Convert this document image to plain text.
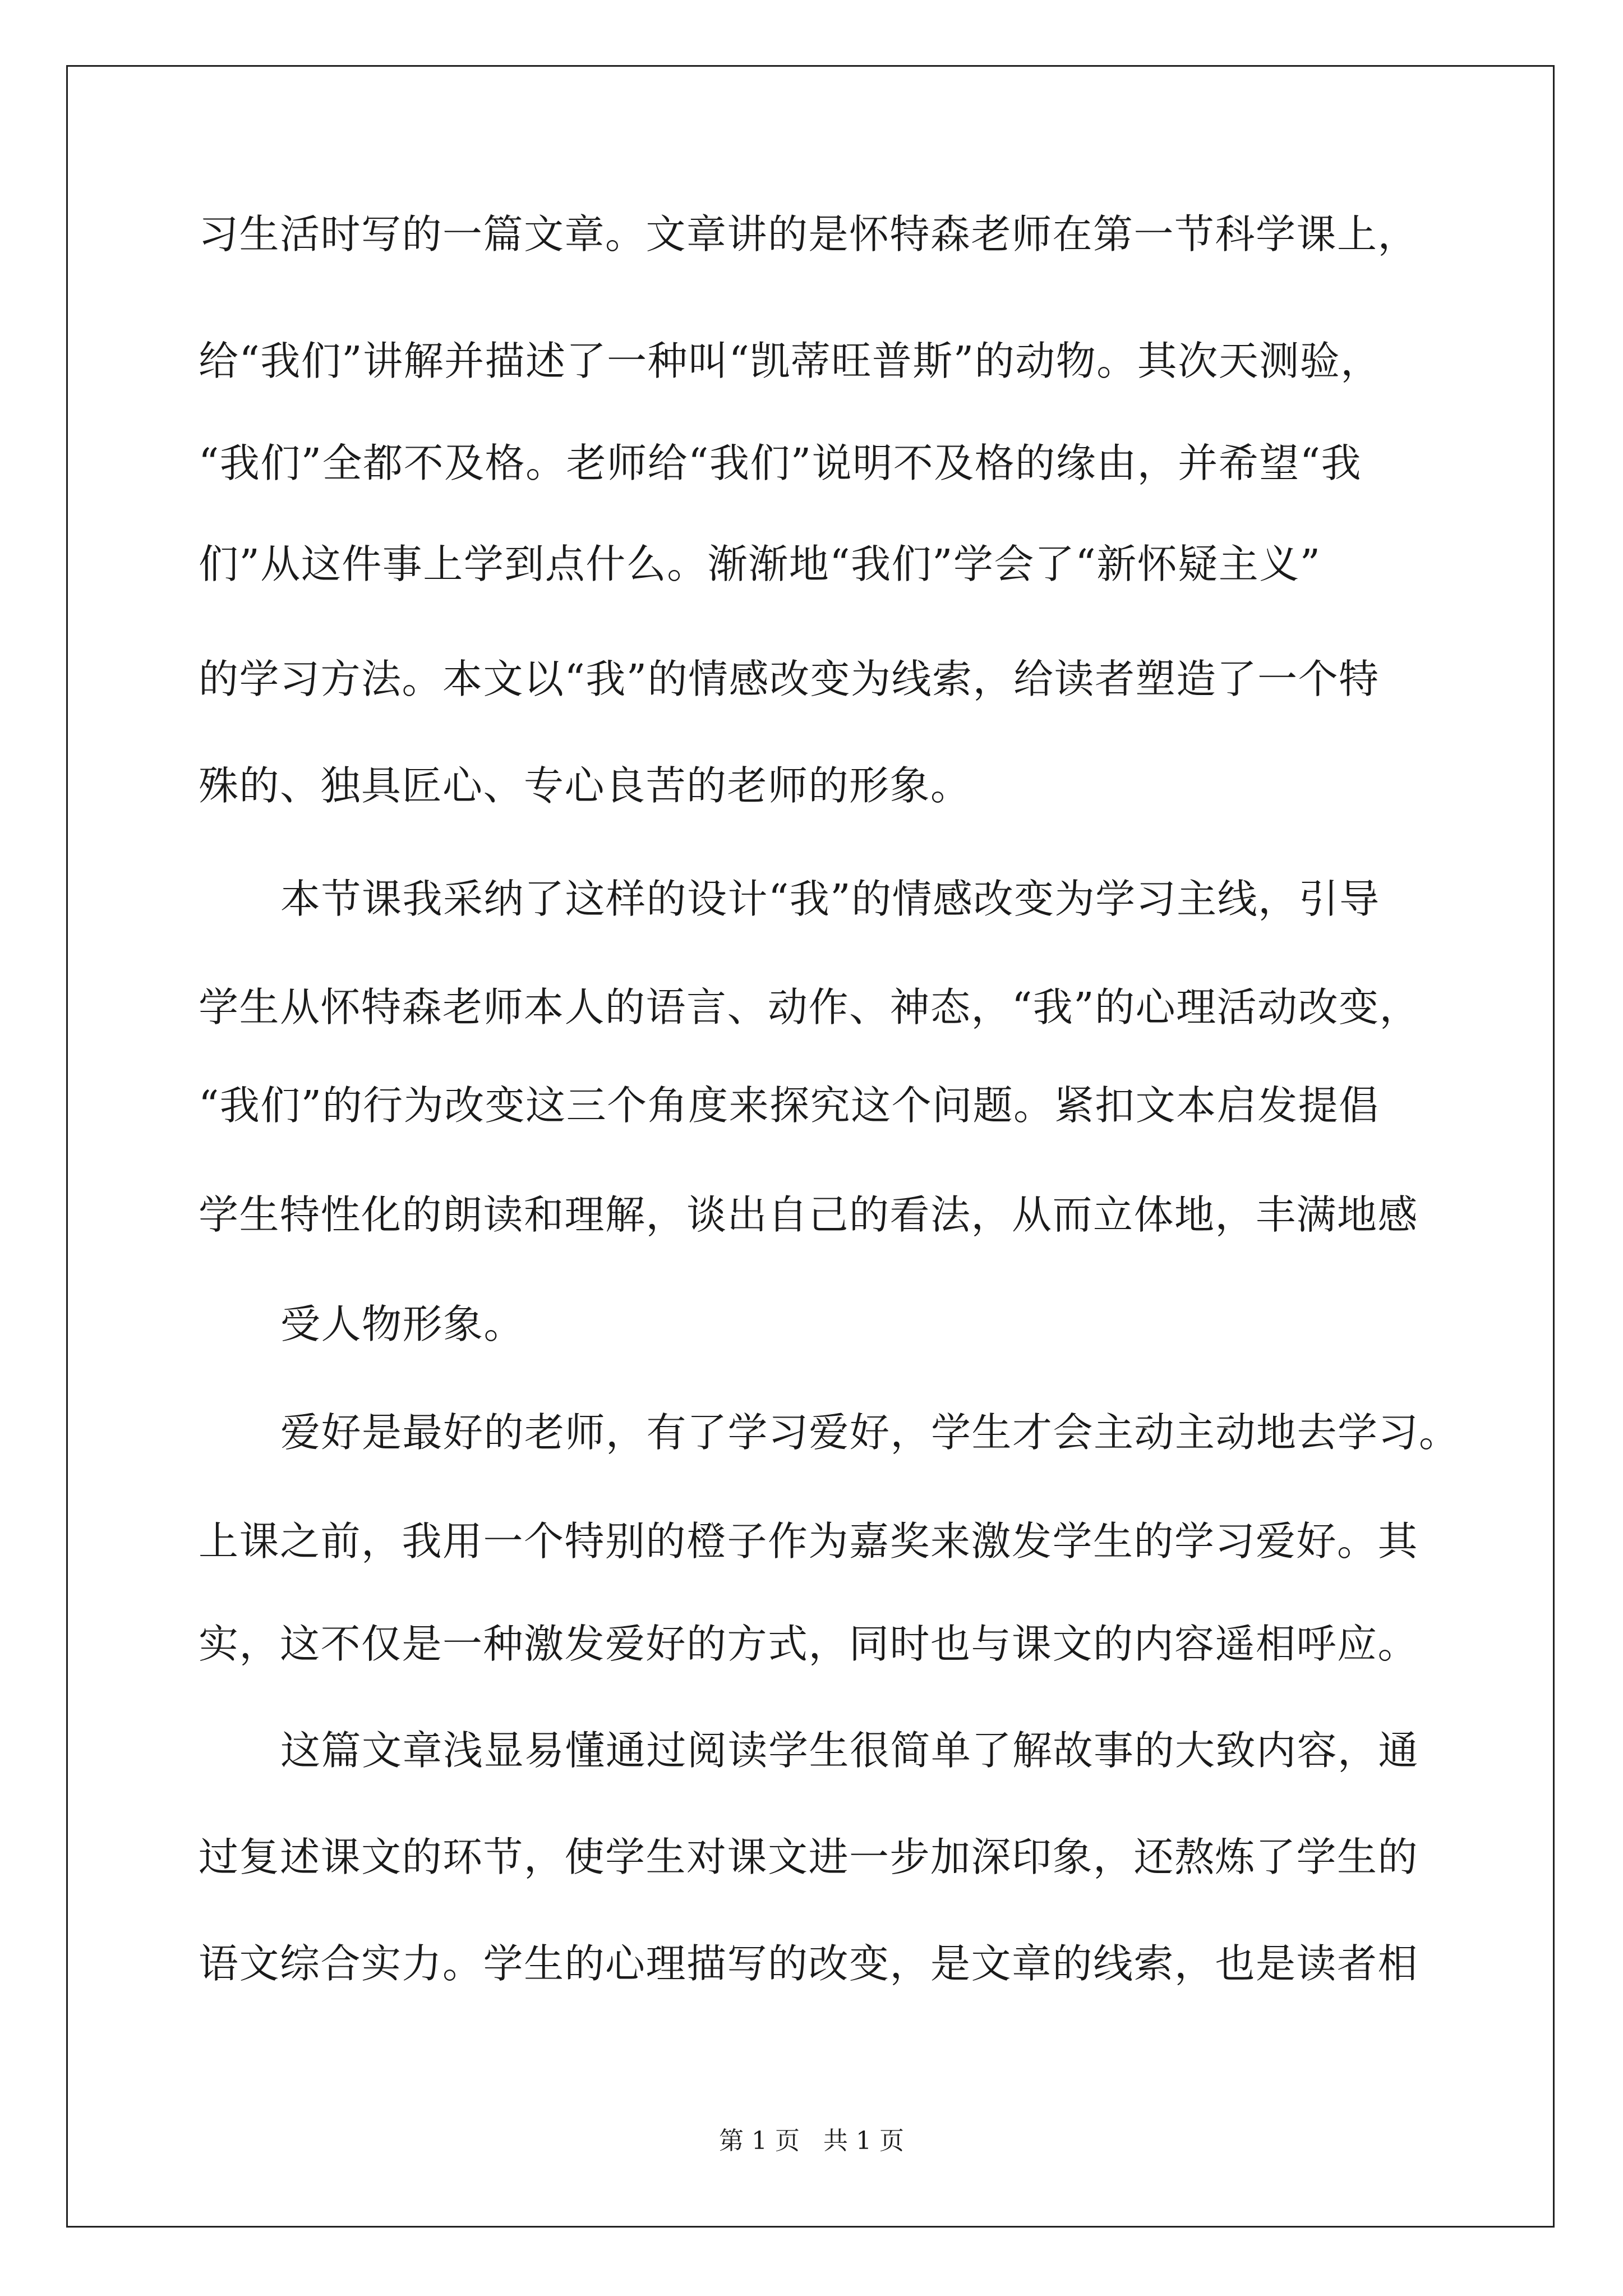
习生活时写的一篇文章。文章讲的是怀特森老师在第一节科学课上，
给“我们”讲解并描述了一种叫“凯蒂旺普斯”的动物。其次天测验，
“我们”全都不及格。老师给“我们”说明不及格的缘由，并希望“我
们”从这件事上学到点什么。渐渐地“我们”学会了“新怀疑主义”
的学习方法。本文以“我”的情感改变为线索，给读者塑造了一个特
殊的、独具匠心、专心良苦的老师的形象。
本节课我采纳了这样的设计“我”的情感改变为学习主线，引导
学生从怀特森老师本人的语言、动作、神态，“我”的心理活动改变，
“我们”的行为改变这三个角度来探究这个问题。紧扣文本启发提倡
学生特性化的朗读和理解，谈出自己的看法，从而立体地，丰满地感
受人物形象。
爱好是最好的老师，有了学习爱好，学生才会主动主动地去学习。
上课之前，我用一个特别的橙子作为嘉奖来激发学生的学习爱好。其
实，这不仅是一种激发爱好的方式，同时也与课文的内容遥相呼应。
这篇文章浅显易懂通过阅读学生很简单了解故事的大致内容，通
过复述课文的环节，使学生对课文进一步加深印象，还熬炼了学生的
语文综合实力。学生的心理描写的改变，是文章的线索，也是读者相
第 1 页   共 1 页
